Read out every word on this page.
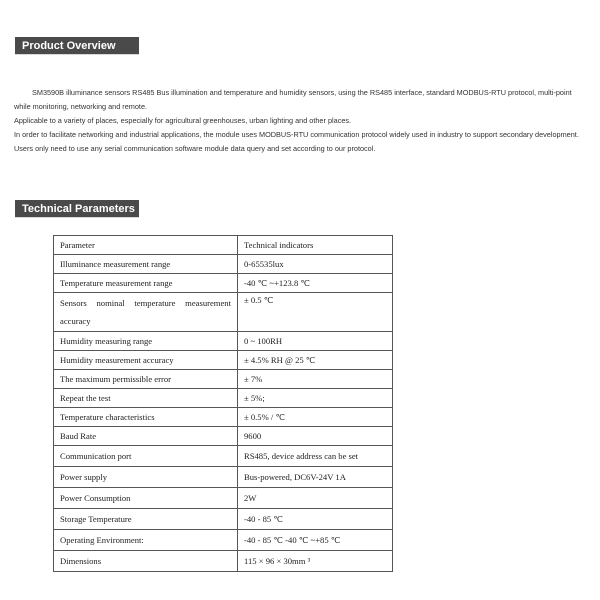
Product Overview

SM3590B illuminance sensors RS485 Bus illumination and temperature and humidity sensors, using the RS485 interface, standard MODBUS-RTU protocol, multi-point while monitoring, networking and remote.

Applicable to a variety of places, especially for agricultural greenhouses, urban lighting and other places.

In order to facilitate networking and industrial applications, the module uses MODBUS-RTU communication protocol widely used in industry to support secondary development. Users only need to use any serial communication software module data query and set according to our protocol.

Technical Parameters
Parameter	Technical indicators
Illuminance measurement range	0-65535lux
Temperature measurement range	-40 ℃ ~+123.8 ℃
Sensors nominal temperature measurement accuracy	± 0.5 ℃
Humidity measuring range	0 ~ 100RH
Humidity measurement accuracy	± 4.5% RH @ 25 ℃
The maximum permissible error	± 7%
Repeat the test	± 5%;
Temperature characteristics	± 0.5% / ℃
Baud Rate	9600
Communication port	RS485, device address can be set
Power supply	Bus-powered, DC6V-24V 1A
Power Consumption	2W
Storage Temperature	-40 - 85 ℃
Operating Environment:	-40 - 85 ℃ -40 ℃ ~+85 ℃
Dimensions	115 × 96 × 30mm ³
